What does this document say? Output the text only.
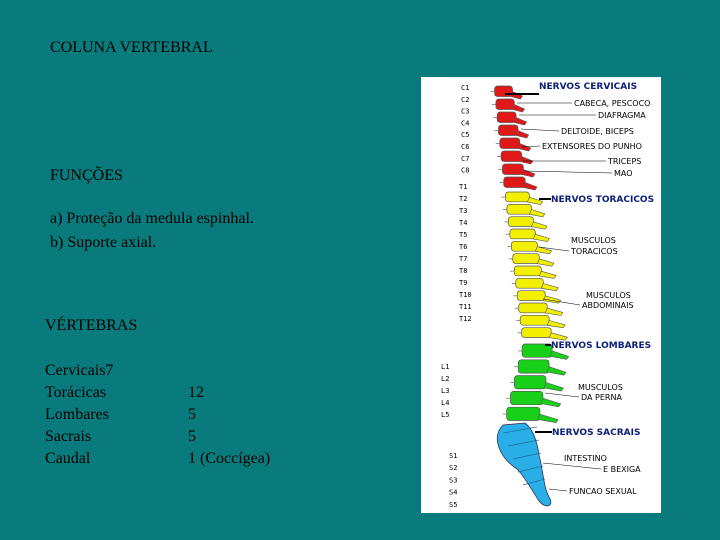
COLUNA VERTEBRAL
FUNÇÕES
a) Proteção da medula espinhal.
b) Suporte axial.
VÉRTEBRAS
Cervicais7
Torácicas	12
Lombares	5
Sacrais	5
Caudal	1 (Coccígea)
C1
C2
C3
C4
C5
C6
C7
C8
T1
T2
T3
T4
T5
T6
T7
T8
T9
T10
T11
T12
L1
L2
L3
L4
L5
S1
S2
S3
S4
S5
NERVOS CERVICAIS
NERVOS TORACICOS
NERVOS LOMBARES
NERVOS SACRAIS
CABECA, PESCOCO
DIAFRAGMA
DELTOIDE, BICEPS
EXTENSORES DO PUNHO
TRICEPS
MAO
MUSCULOS
TORACICOS
MUSCULOS
ABDOMINAIS
MUSCULOS
DA PERNA
INTESTINO
E BEXIGA
FUNCAO SEXUAL
